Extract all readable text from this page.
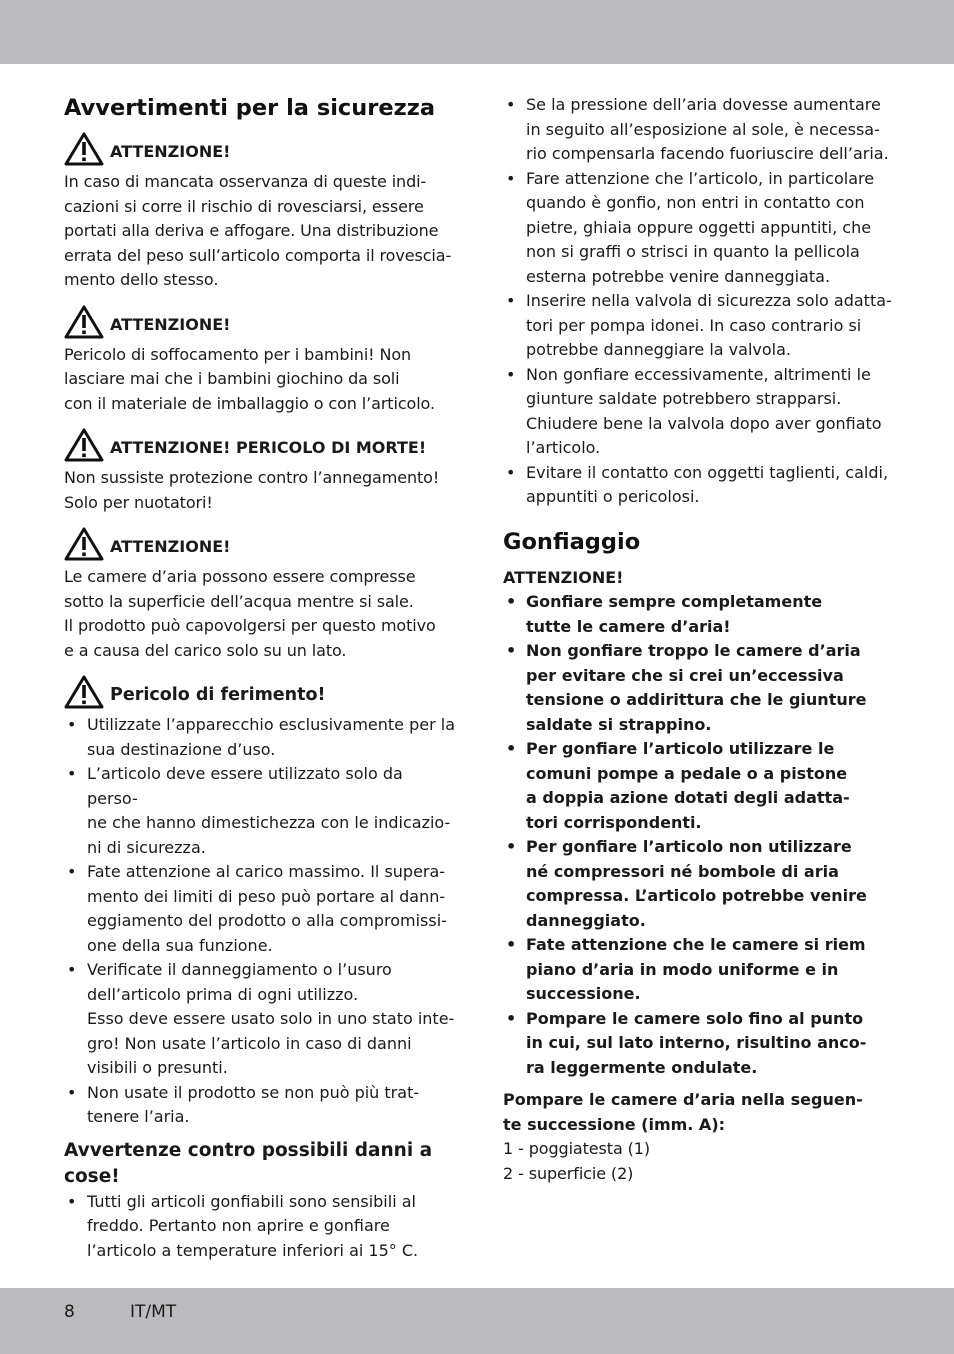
Avvertimenti per la sicurezza
ATTENZIONE!

In caso di mancata osservanza di queste indi-

cazioni si corre il rischio di rovesciarsi, essere

portati alla deriva e affogare. Una distribuzione

errata del peso sull’articolo comporta il rovescia-

mento dello stesso.

ATTENZIONE!

Pericolo di soffocamento per i bambini! Non

lasciare mai che i bambini giochino da soli

con il materiale de imballaggio o con l’articolo.

ATTENZIONE! PERICOLO DI MORTE!

Non sussiste protezione contro l’annegamento!

Solo per nuotatori!

ATTENZIONE!

Le camere d’aria possono essere compresse

sotto la superficie dell’acqua mentre si sale.

Il prodotto può capovolgersi per questo motivo

e a causa del carico solo su un lato.

Pericolo di ferimento!
• Utilizzate l’apparecchio esclusivamente per la
sua destinazione d’uso.
• L’articolo deve essere utilizzato solo da perso-
ne che hanno dimestichezza con le indicazio-
ni di sicurezza.
• Fate attenzione al carico massimo. Il supera-
mento dei limiti di peso può portare al dann-
eggiamento del prodotto o alla compromissi-
one della sua funzione.
• Verificate il danneggiamento o l’usuro
dell’articolo prima di ogni utilizzo.
Esso deve essere usato solo in uno stato inte-
gro! Non usate l’articolo in caso di danni
visibili o presunti.
• Non usate il prodotto se non può più trat-
tenere l’aria.
Avvertenze contro possibili danni a
cose!
• Tutti gli articoli gonfiabili sono sensibili al
freddo. Pertanto non aprire e gonfiare
l’articolo a temperature inferiori ai 15° C.
• Se la pressione dell’aria dovesse aumentare
in seguito all’esposizione al sole, è necessa-
rio compensarla facendo fuoriuscire dell’aria.
• Fare attenzione che l’articolo, in particolare
quando è gonfio, non entri in contatto con
pietre, ghiaia oppure oggetti appuntiti, che
non si graffi o strisci in quanto la pellicola
esterna potrebbe venire danneggiata.
• Inserire nella valvola di sicurezza solo adatta-
tori per pompa idonei. In caso contrario si
potrebbe danneggiare la valvola.
• Non gonfiare eccessivamente, altrimenti le
giunture saldate potrebbero strapparsi.
Chiudere bene la valvola dopo aver gonfiato
l’articolo.
• Evitare il contatto con oggetti taglienti, caldi,
appuntiti o pericolosi.
Gonfiaggio

ATTENZIONE!

• Gonfiare sempre completamente
tutte le camere d’aria!
• Non gonfiare troppo le camere d’aria
per evitare che si crei un’eccessiva
tensione o addirittura che le giunture
saldate si strappino.
• Per gonfiare l’articolo utilizzare le
comuni pompe a pedale o a pistone
a doppia azione dotati degli adatta-
tori corrispondenti.
• Per gonfiare l’articolo non utilizzare
né compressori né bombole di aria
compressa. L’articolo potrebbe venire
danneggiato.
• Fate attenzione che le camere si riem
piano d’aria in modo uniforme e in
successione.
• Pompare le camere solo fino al punto
in cui, sul lato interno, risultino anco-
ra leggermente ondulate.

Pompare le camere d’aria nella seguen-

te successione (imm. A):

1 - poggiatesta (1)

2 - superficie (2)

8	IT/MT
